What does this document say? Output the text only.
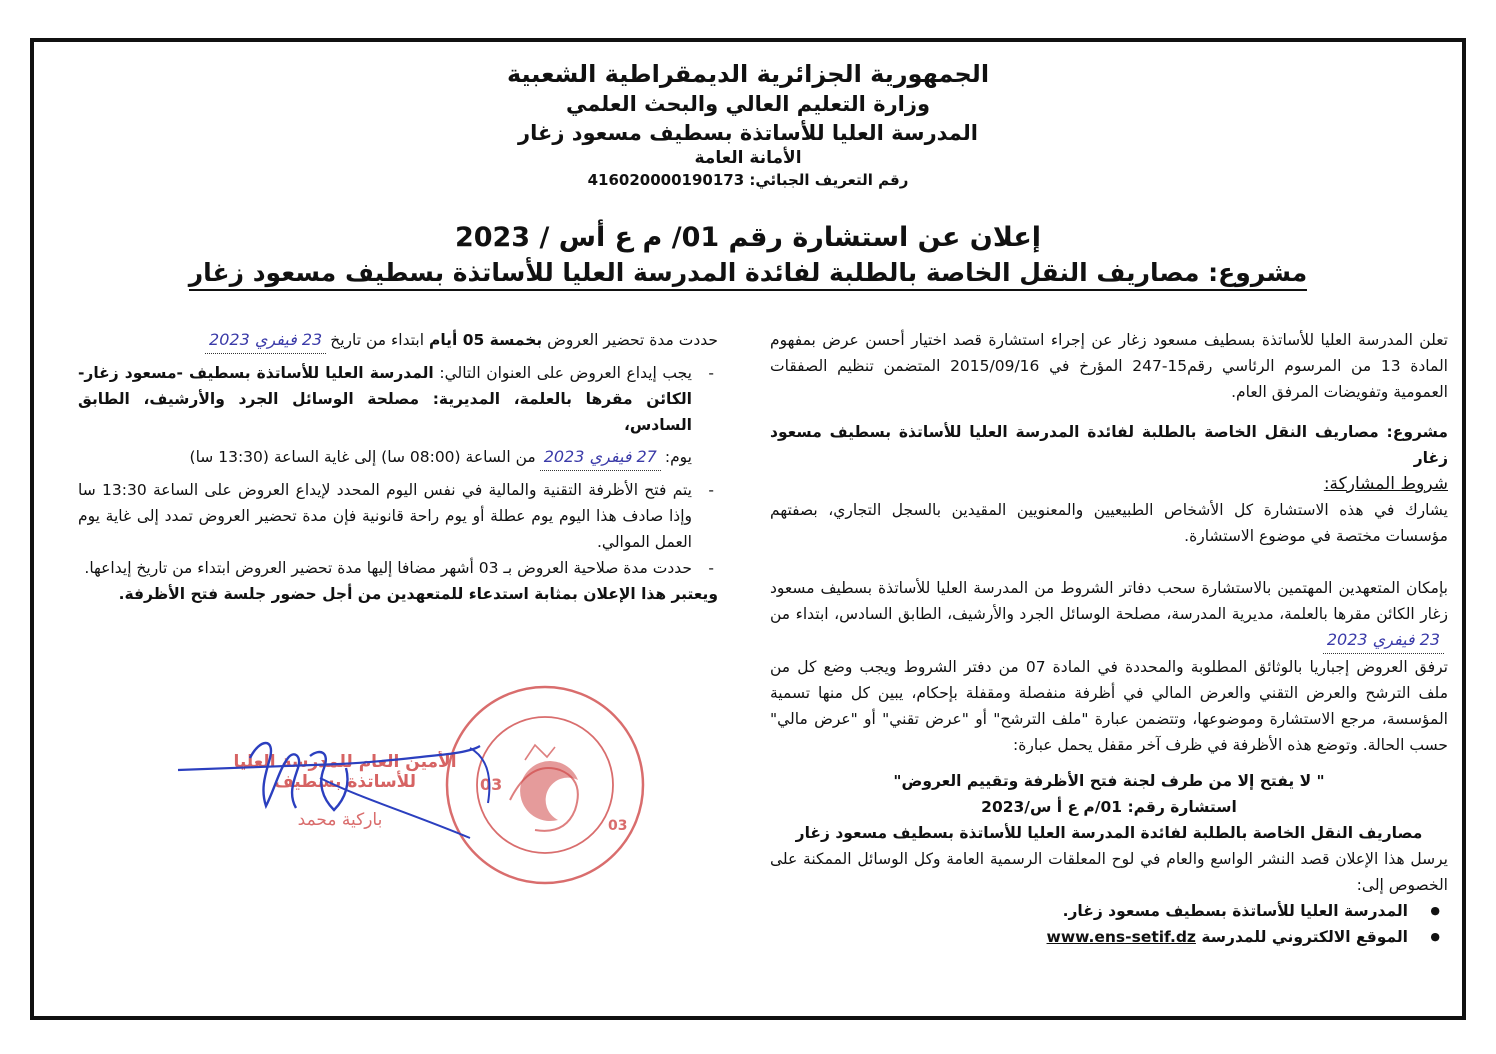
الجمهورية الجزائرية الديمقراطية الشعبية

وزارة التعليم العالي والبحث العلمي

المدرسة العليا للأساتذة بسطيف مسعود زغار

الأمانة العامة

رقم التعريف الجبائي: 416020000190173

إعلان عن استشارة رقم 01/ م ع أس / 2023
مشروع: مصاريف النقل الخاصة بالطلبة لفائدة المدرسة العليا للأساتذة بسطيف مسعود زغار

تعلن المدرسة العليا للأساتذة بسطيف مسعود زغار عن إجراء استشارة قصد اختيار أحسن عرض بمفهوم المادة 13 من المرسوم الرئاسي رقم15-247 المؤرخ في 2015/09/16 المتضمن تنظيم الصفقات العمومية وتفويضات المرفق العام.

مشروع: مصاريف النقل الخاصة بالطلبة لفائدة المدرسة العليا للأساتذة بسطيف مسعود زغار

شروط المشاركة:

يشارك في هذه الاستشارة كل الأشخاص الطبيعيين والمعنويين المقيدين بالسجل التجاري، بصفتهم مؤسسات مختصة في موضوع الاستشارة.

بإمكان المتعهدين المهتمين بالاستشارة سحب دفاتر الشروط من المدرسة العليا للأساتذة بسطيف مسعود زغار الكائن مقرها بالعلمة، مديرية المدرسة، مصلحة الوسائل الجرد والأرشيف، الطابق السادس، ابتداء من23 فيفري 2023

ترفق العروض إجباريا بالوثائق المطلوبة والمحددة في المادة 07 من دفتر الشروط ويجب وضع كل من ملف الترشح والعرض التقني والعرض المالي في أظرفة منفصلة ومقفلة بإحكام، يبين كل منها تسمية المؤسسة، مرجع الاستشارة وموضوعها، وتتضمن عبارة "ملف الترشح" أو "عرض تقني" أو "عرض مالي" حسب الحالة. وتوضع هذه الأظرفة في ظرف آخر مقفل يحمل عبارة:

" لا يفتح إلا من طرف لجنة فتح الأظرفة وتقييم العروض"

استشارة رقم: 01/م ع أ س/2023

مصاريف النقل الخاصة بالطلبة لفائدة المدرسة العليا للأساتذة بسطيف مسعود زغار

يرسل هذا الإعلان قصد النشر الواسع والعام في لوح المعلقات الرسمية العامة وكل الوسائل الممكنة على الخصوص إلى:

● المدرسة العليا للأساتذة بسطيف مسعود زغار.

● الموقع الالكتروني للمدرسة www.ens-setif.dz

حددت مدة تحضير العروض بخمسة 05 أيام ابتداء من تاريخ23 فيفري 2023

- يجب إيداع العروض على العنوان التالي: المدرسة العليا للأساتذة بسطيف -مسعود زغار- الكائن مقرها بالعلمة، المديرية: مصلحة الوسائل الجرد والأرشيف، الطابق السادس،

يوم:27 فيفري 2023من الساعة (08:00 سا) إلى غاية الساعة (13:30 سا)

- يتم فتح الأظرفة التقنية والمالية في نفس اليوم المحدد لإيداع العروض على الساعة 13:30 سا وإذا صادف هذا اليوم يوم عطلة أو يوم راحة قانونية فإن مدة تحضير العروض تمدد إلى غاية يوم العمل الموالي.

- حددت مدة صلاحية العروض بـ 03 أشهر مضافا إليها مدة تحضير العروض ابتداء من تاريخ إيداعها.

ويعتبر هذا الإعلان بمثابة استدعاء للمتعهدين من أجل حضور جلسة فتح الأظرفة.

03
03
الأمين العام للمدرسة العليا للأساتذة بسطيف
باركية محمد
